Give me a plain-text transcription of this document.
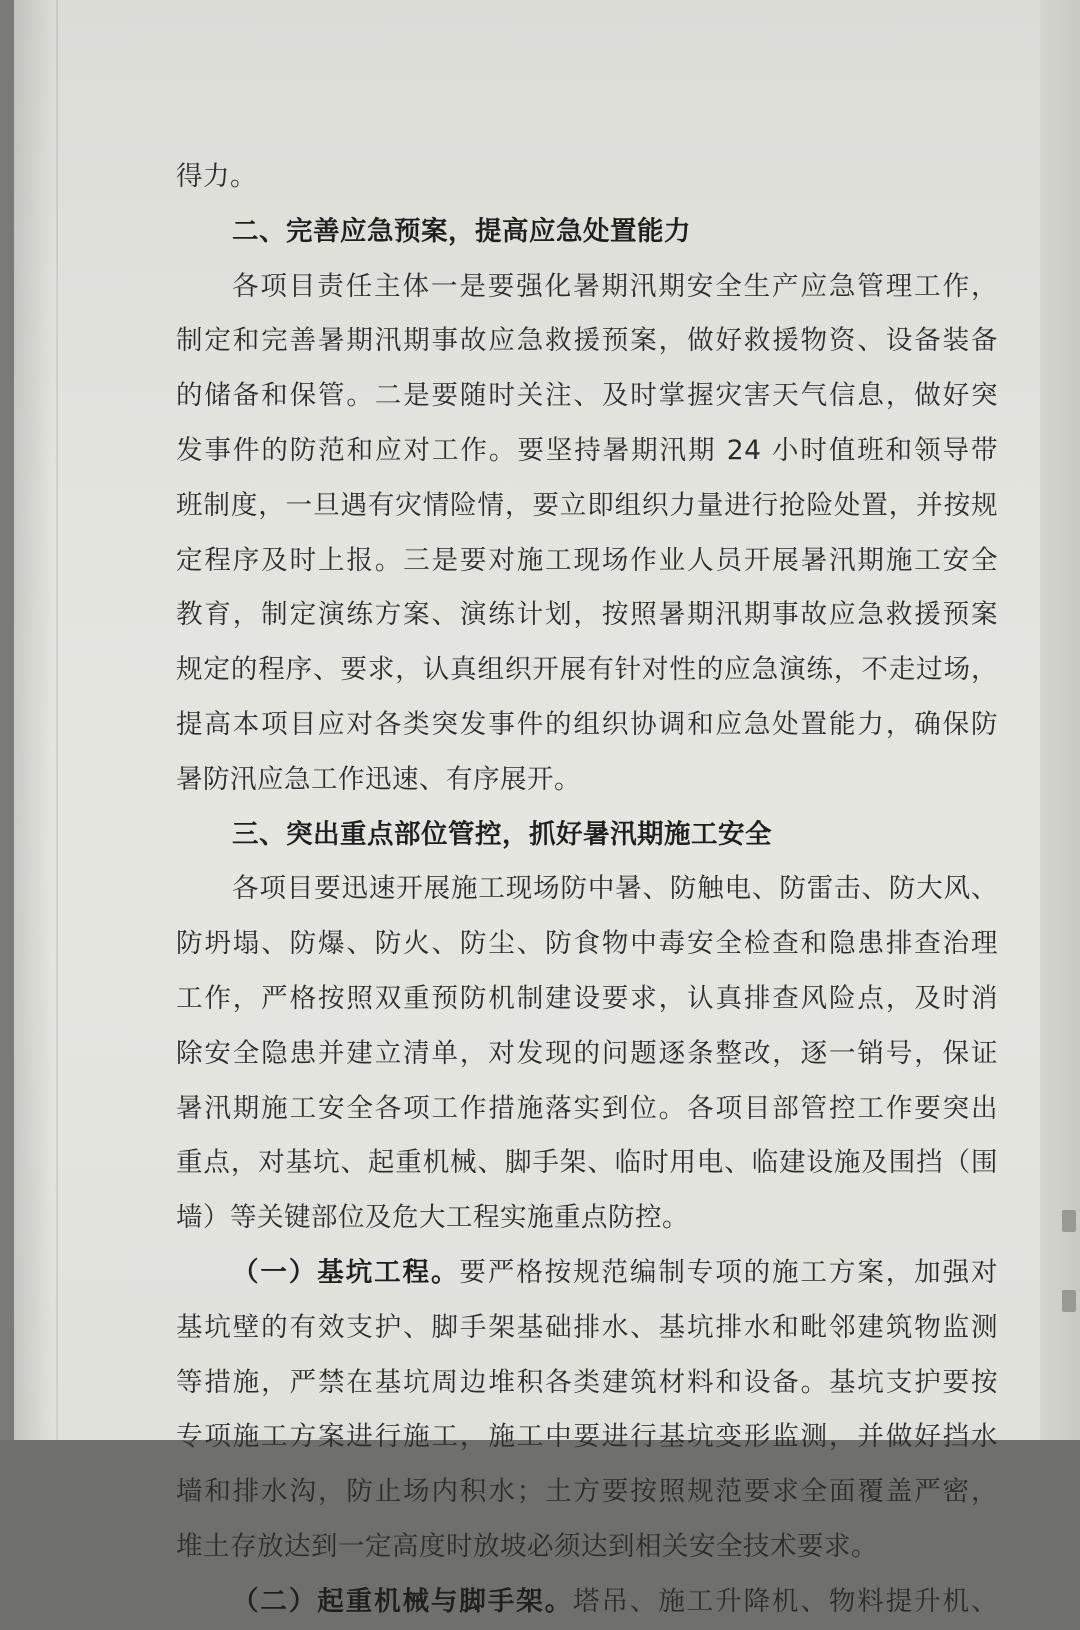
得力。
二、完善应急预案，提高应急处置能力
各项目责任主体一是要强化暑期汛期安全生产应急管理工作，
制定和完善暑期汛期事故应急救援预案，做好救援物资、设备装备
的储备和保管。二是要随时关注、及时掌握灾害天气信息，做好突
发事件的防范和应对工作。要坚持暑期汛期 24 小时值班和领导带
班制度，一旦遇有灾情险情，要立即组织力量进行抢险处置，并按规
定程序及时上报。三是要对施工现场作业人员开展暑汛期施工安全
教育，制定演练方案、演练计划，按照暑期汛期事故应急救援预案
规定的程序、要求，认真组织开展有针对性的应急演练，不走过场，
提高本项目应对各类突发事件的组织协调和应急处置能力，确保防
暑防汛应急工作迅速、有序展开。
三、突出重点部位管控，抓好暑汛期施工安全
各项目要迅速开展施工现场防中暑、防触电、防雷击、防大风、
防坍塌、防爆、防火、防尘、防食物中毒安全检查和隐患排查治理
工作，严格按照双重预防机制建设要求，认真排查风险点，及时消
除安全隐患并建立清单，对发现的问题逐条整改，逐一销号，保证
暑汛期施工安全各项工作措施落实到位。各项目部管控工作要突出
重点，对基坑、起重机械、脚手架、临时用电、临建设施及围挡（围
墙）等关键部位及危大工程实施重点防控。
（一）基坑工程。要严格按规范编制专项的施工方案，加强对
基坑壁的有效支护、脚手架基础排水、基坑排水和毗邻建筑物监测
等措施，严禁在基坑周边堆积各类建筑材料和设备。基坑支护要按
专项施工方案进行施工，施工中要进行基坑变形监测，并做好挡水
墙和排水沟，防止场内积水；土方要按照规范要求全面覆盖严密，
堆土存放达到一定高度时放坡必须达到相关安全技术要求。
（二）起重机械与脚手架。塔吊、施工升降机、物料提升机、
